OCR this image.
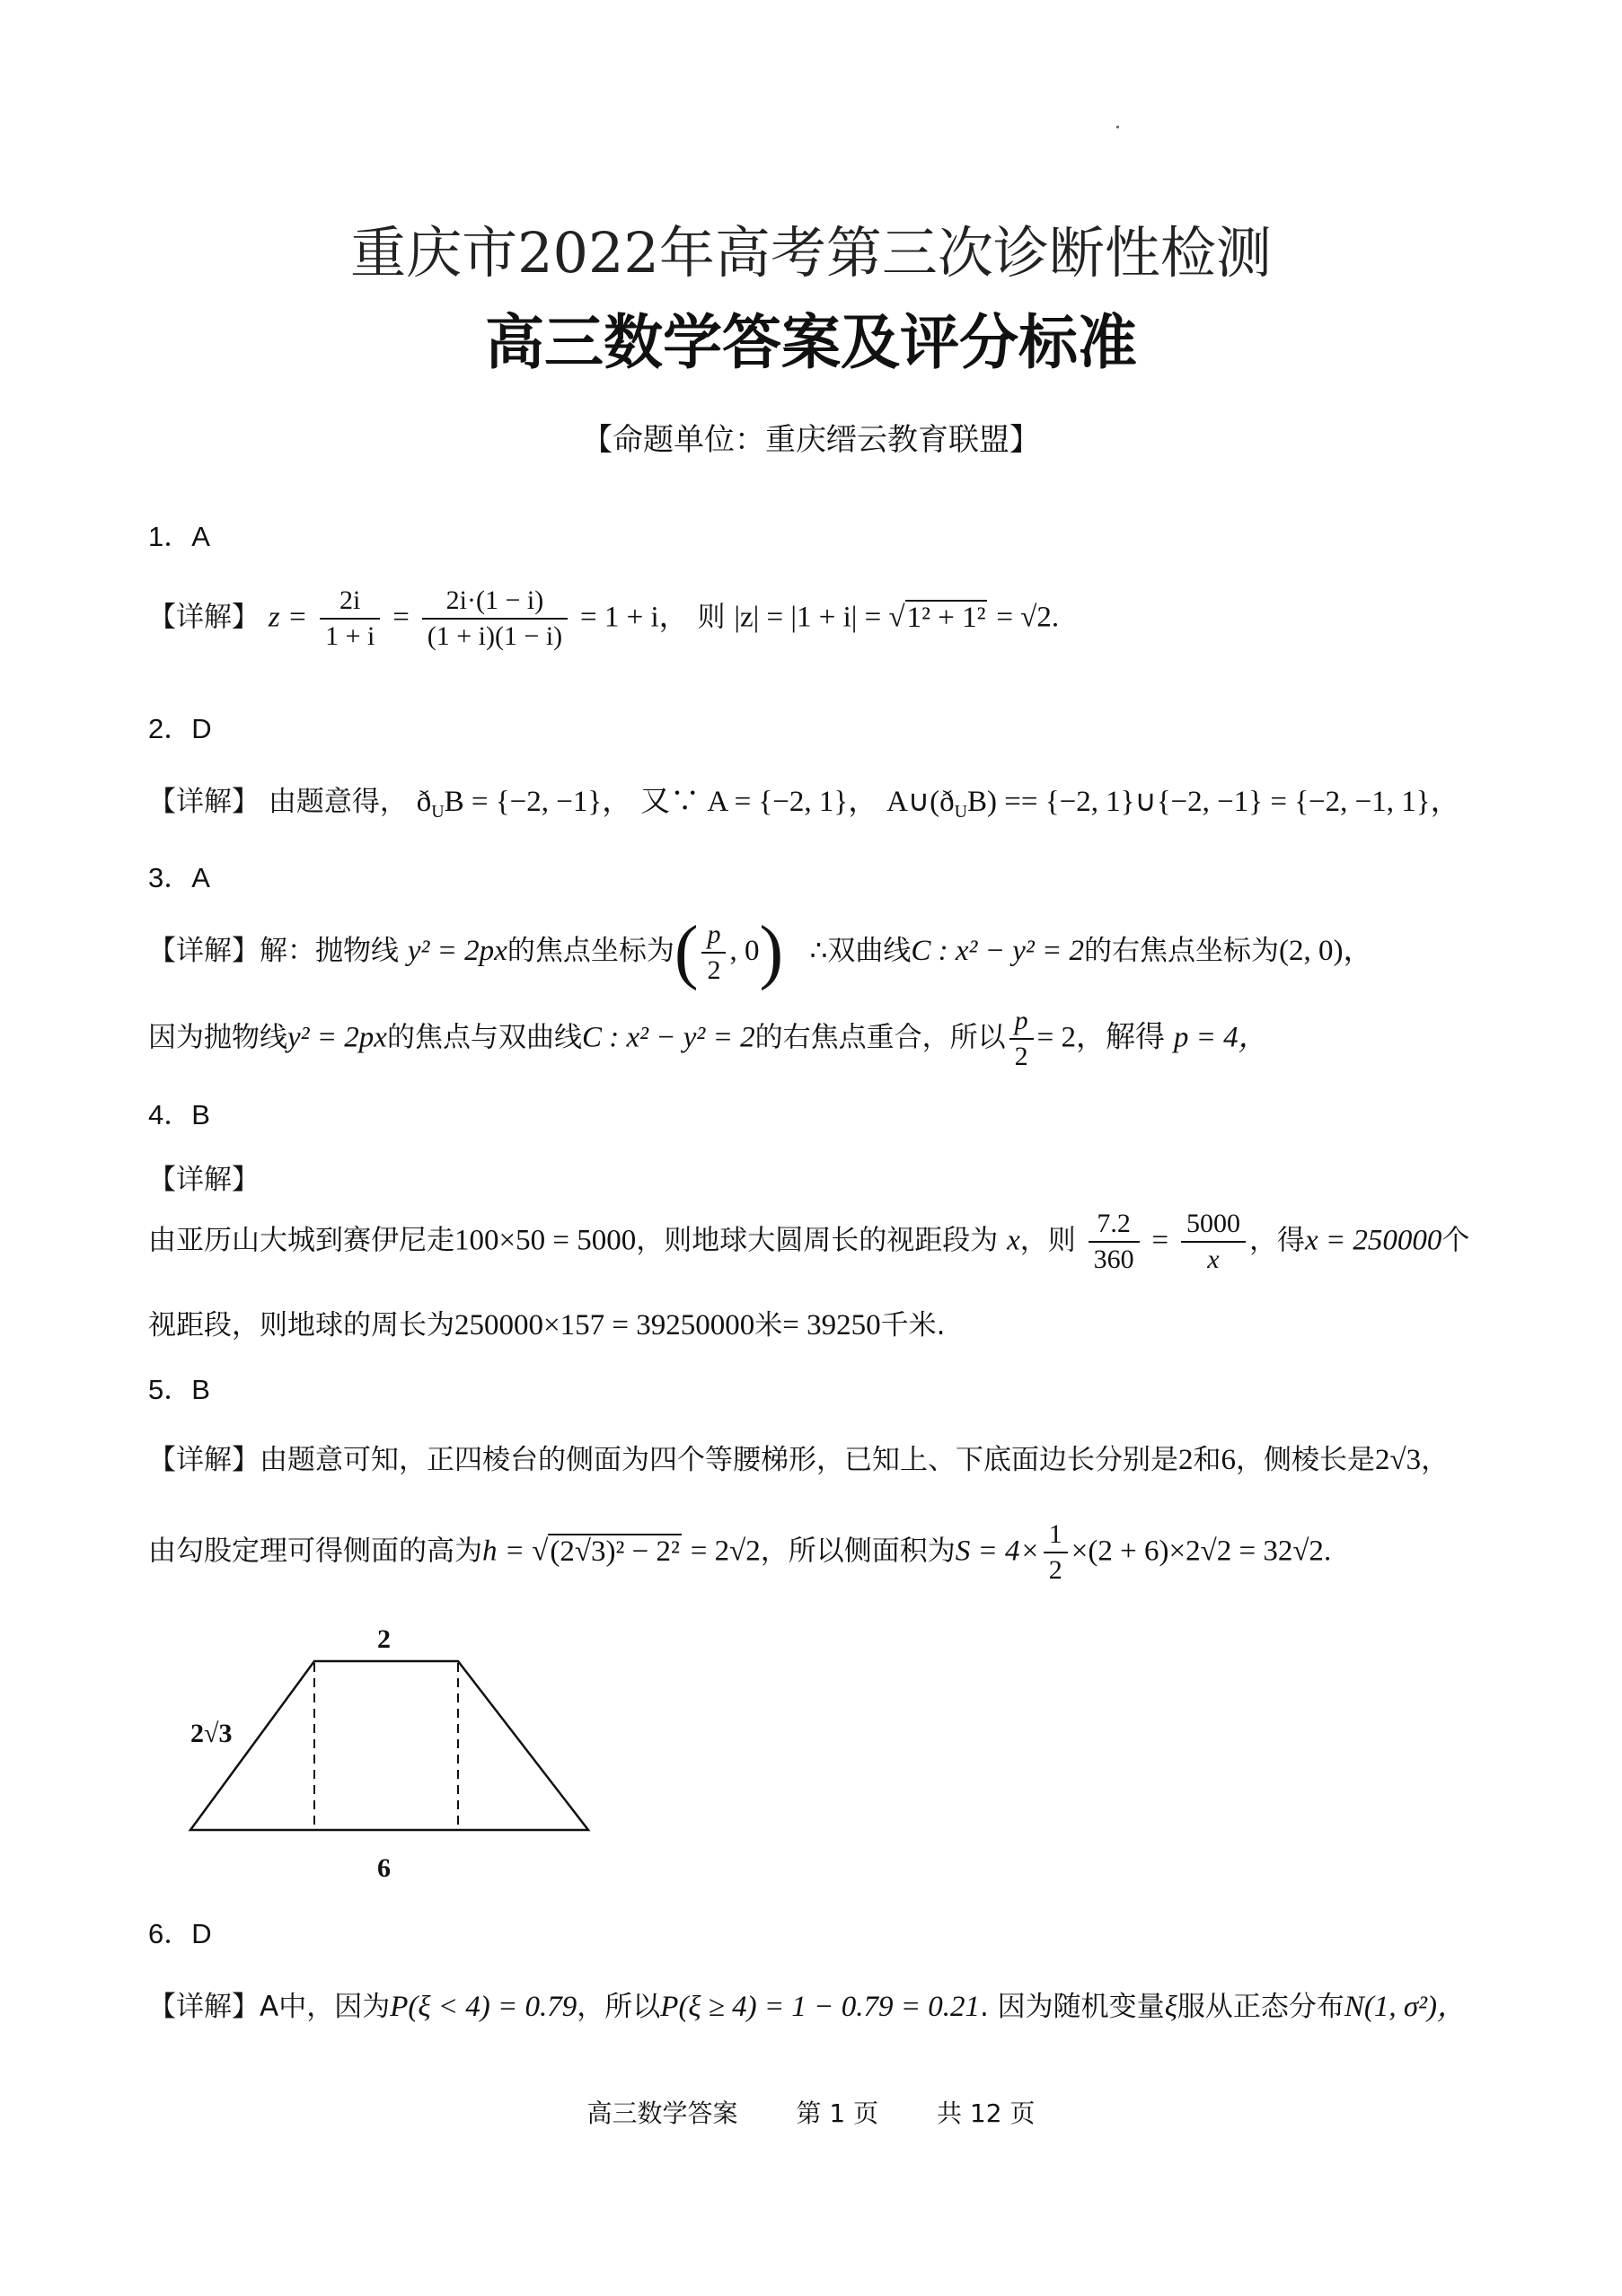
重庆市2022年高考第三次诊断性检测
高三数学答案及评分标准
【命题单位：重庆缙云教育联盟】
1．A
【详解】 $z = \frac{2i}{1 + i} = \frac{2i\cdot(1 - i)}{(1 + i)(1 - i)} = 1 + i$， 则 |z| = |1 + i| = √1² + 1² = √2.
2．D
【详解】 由题意得， $ð_UB = \{-2$, −1}， 又∵ A = {−2, 1}， $A\cup(ð_UB) == \{-2$, 1}∪{−2, −1} = {−2, −1, 1}，
3．A
【详解】解：抛物线 y² = 2px的焦点坐标为( $\frac{p}{2}$ , 0) ∴双曲线C : x² − y² = 2的右焦点坐标为(2, 0)，
因为抛物线y² = 2px的焦点与双曲线C : x² − y² = 2的右焦点重合，所以 $\frac{p}{2} = 2$，解得 p = 4，
4．B
【详解】
由亚历山大城到赛伊尼走100×50 = 5000，则地球大圆周长的视距段为 x，则 $\frac{7.2}{360} = \frac{5000}{x}$ ，得x = 250000个
视距段，则地球的周长为250000×157 = 39250000米= 39250千米.
5．B
【详解】由题意可知，正四棱台的侧面为四个等腰梯形，已知上、下底面边长分别是2和6，侧棱长是2√3，
由勾股定理可得侧面的高为h = √(2√3)² − 2² = 2√2，所以侧面积为$S = 4\times \frac{1}{2} \times(2 + 6)\times 2√2 = 32√2$.
2
2√3
6
6．D
【详解】A中，因为P(ξ < 4) = 0.79，所以P(ξ ≥ 4) = 1 − 0.79 = 0.21. 因为随机变量ξ服从正态分布N(1, σ²)，
高三数学答案 第 1 页 共 12 页
